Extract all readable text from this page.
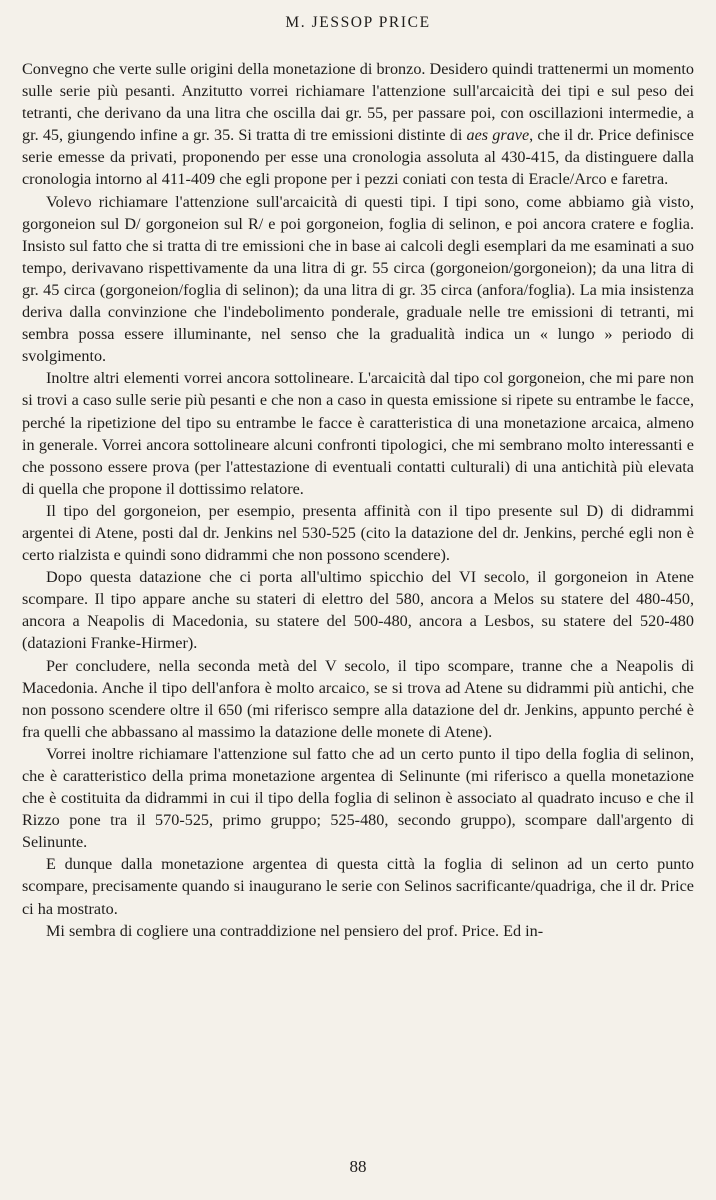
M. JESSOP PRICE

Convegno che verte sulle origini della monetazione di bronzo. Desidero quindi trattenermi un momento sulle serie più pesanti. Anzitutto vorrei richiamare l'attenzione sull'arcaicità dei tipi e sul peso dei tetranti, che derivano da una litra che oscilla dai gr. 55, per passare poi, con oscillazioni intermedie, a gr. 45, giungendo infine a gr. 35. Si tratta di tre emissioni distinte di aes grave, che il dr. Price definisce serie emesse da privati, proponendo per esse una cronologia assoluta al 430-415, da distinguere dalla cronologia intorno al 411-409 che egli propone per i pezzi coniati con testa di Eracle/Arco e faretra.

Volevo richiamare l'attenzione sull'arcaicità di questi tipi. I tipi sono, come abbiamo già visto, gorgoneion sul D/ gorgoneion sul R/ e poi gorgoneion, foglia di selinon, e poi ancora cratere e foglia. Insisto sul fatto che si tratta di tre emissioni che in base ai calcoli degli esemplari da me esaminati a suo tempo, derivavano rispettivamente da una litra di gr. 55 circa (gorgoneion/gorgoneion); da una litra di gr. 45 circa (gorgoneion/foglia di selinon); da una litra di gr. 35 circa (anfora/foglia). La mia insistenza deriva dalla convinzione che l'indebolimento ponderale, graduale nelle tre emissioni di tetranti, mi sembra possa essere illuminante, nel senso che la gradualità indica un « lungo » periodo di svolgimento.

Inoltre altri elementi vorrei ancora sottolineare. L'arcaicità dal tipo col gorgoneion, che mi pare non si trovi a caso sulle serie più pesanti e che non a caso in questa emissione si ripete su entrambe le facce, perché la ripetizione del tipo su entrambe le facce è caratteristica di una monetazione arcaica, almeno in generale. Vorrei ancora sottolineare alcuni confronti tipologici, che mi sembrano molto interessanti e che possono essere prova (per l'attestazione di eventuali contatti culturali) di una antichità più elevata di quella che propone il dottissimo relatore.

Il tipo del gorgoneion, per esempio, presenta affinità con il tipo presente sul D) di didrammi argentei di Atene, posti dal dr. Jenkins nel 530-525 (cito la datazione del dr. Jenkins, perché egli non è certo rialzista e quindi sono didrammi che non possono scendere).

Dopo questa datazione che ci porta all'ultimo spicchio del VI secolo, il gorgoneion in Atene scompare. Il tipo appare anche su stateri di elettro del 580, ancora a Melos su statere del 480-450, ancora a Neapolis di Macedonia, su statere del 500-480, ancora a Lesbos, su statere del 520-480 (datazioni Franke-Hirmer).

Per concludere, nella seconda metà del V secolo, il tipo scompare, tranne che a Neapolis di Macedonia. Anche il tipo dell'anfora è molto arcaico, se si trova ad Atene su didrammi più antichi, che non possono scendere oltre il 650 (mi riferisco sempre alla datazione del dr. Jenkins, appunto perché è fra quelli che abbassano al massimo la datazione delle monete di Atene).

Vorrei inoltre richiamare l'attenzione sul fatto che ad un certo punto il tipo della foglia di selinon, che è caratteristico della prima monetazione argentea di Selinunte (mi riferisco a quella monetazione che è costituita da didrammi in cui il tipo della foglia di selinon è associato al quadrato incuso e che il Rizzo pone tra il 570-525, primo gruppo; 525-480, secondo gruppo), scompare dall'argento di Selinunte.

E dunque dalla monetazione argentea di questa città la foglia di selinon ad un certo punto scompare, precisamente quando si inaugurano le serie con Selinos sacrificante/quadriga, che il dr. Price ci ha mostrato.

Mi sembra di cogliere una contraddizione nel pensiero del prof. Price. Ed in-

88
